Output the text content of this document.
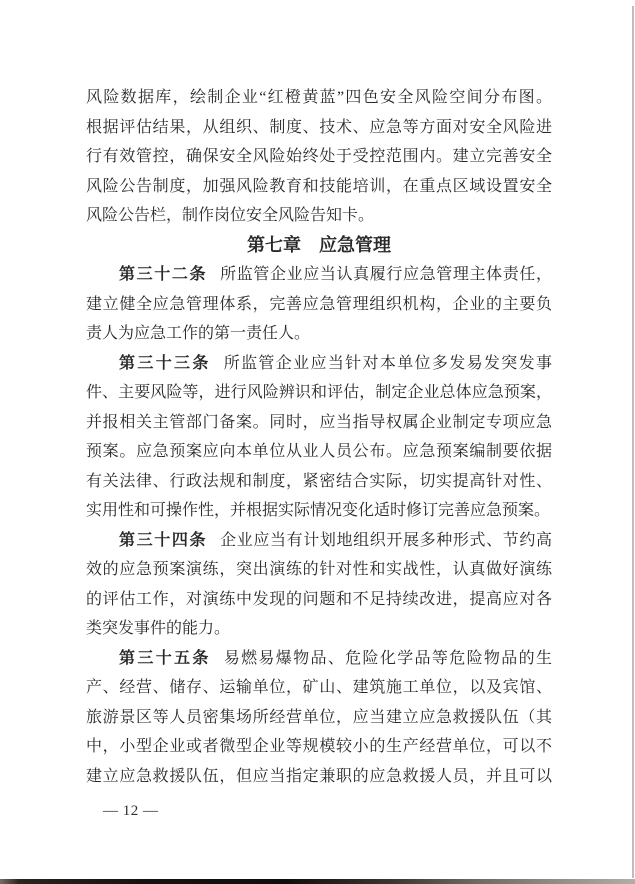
风险数据库，绘制企业“红橙黄蓝”四色安全风险空间分布图。
根据评估结果，从组织、制度、技术、应急等方面对安全风险进
行有效管控，确保安全风险始终处于受控范围内。建立完善安全
风险公告制度，加强风险教育和技能培训，在重点区域设置安全
风险公告栏，制作岗位安全风险告知卡。
第七章　应急管理
第三十二条 所监管企业应当认真履行应急管理主体责任，
建立健全应急管理体系，完善应急管理组织机构，企业的主要负
责人为应急工作的第一责任人。
第三十三条 所监管企业应当针对本单位多发易发突发事
件、主要风险等，进行风险辨识和评估，制定企业总体应急预案，
并报相关主管部门备案。同时，应当指导权属企业制定专项应急
预案。应急预案应向本单位从业人员公布。应急预案编制要依据
有关法律、行政法规和制度，紧密结合实际，切实提高针对性、
实用性和可操作性，并根据实际情况变化适时修订完善应急预案。
第三十四条 企业应当有计划地组织开展多种形式、节约高
效的应急预案演练，突出演练的针对性和实战性，认真做好演练
的评估工作，对演练中发现的问题和不足持续改进，提高应对各
类突发事件的能力。
第三十五条 易燃易爆物品、危险化学品等危险物品的生
产、经营、储存、运输单位，矿山、建筑施工单位，以及宾馆、
旅游景区等人员密集场所经营单位，应当建立应急救援队伍（其
中，小型企业或者微型企业等规模较小的生产经营单位，可以不
建立应急救援队伍，但应当指定兼职的应急救援人员，并且可以
— 12 —
